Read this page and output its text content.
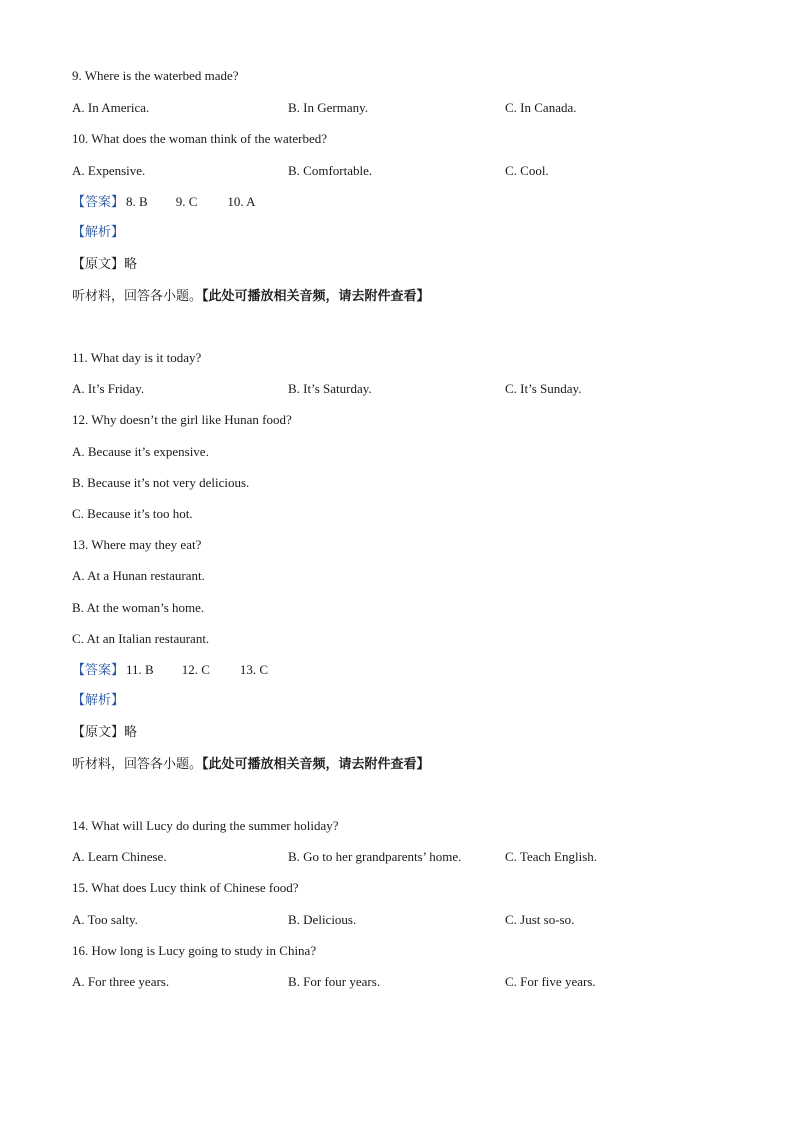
9. Where is the waterbed made?
A. In America.	B. In Germany.	C. In Canada.
10. What does the woman think of the waterbed?
A. Expensive.	B. Comfortable.	C. Cool.
【答案】 8. B 9. C 10. A
【解析】
【原文】略
听材料，回答各小题。【此处可播放相关音频，请去附件查看】
11. What day is it today?
A. It’s Friday.	B. It’s Saturday.	C. It’s Sunday.
12. Why doesn’t the girl like Hunan food?
A. Because it’s expensive.
B. Because it’s not very delicious.
C. Because it’s too hot.
13. Where may they eat?
A. At a Hunan restaurant.
B. At the woman’s home.
C. At an Italian restaurant.
【答案】 11. B 12. C 13. C
【解析】
【原文】略
听材料，回答各小题。【此处可播放相关音频，请去附件查看】
14. What will Lucy do during the summer holiday?
A. Learn Chinese.	B. Go to her grandparents’ home.	C. Teach English.
15. What does Lucy think of Chinese food?
A. Too salty.	B. Delicious.	C. Just so-so.
16. How long is Lucy going to study in China?
A. For three years.	B. For four years.	C. For five years.
